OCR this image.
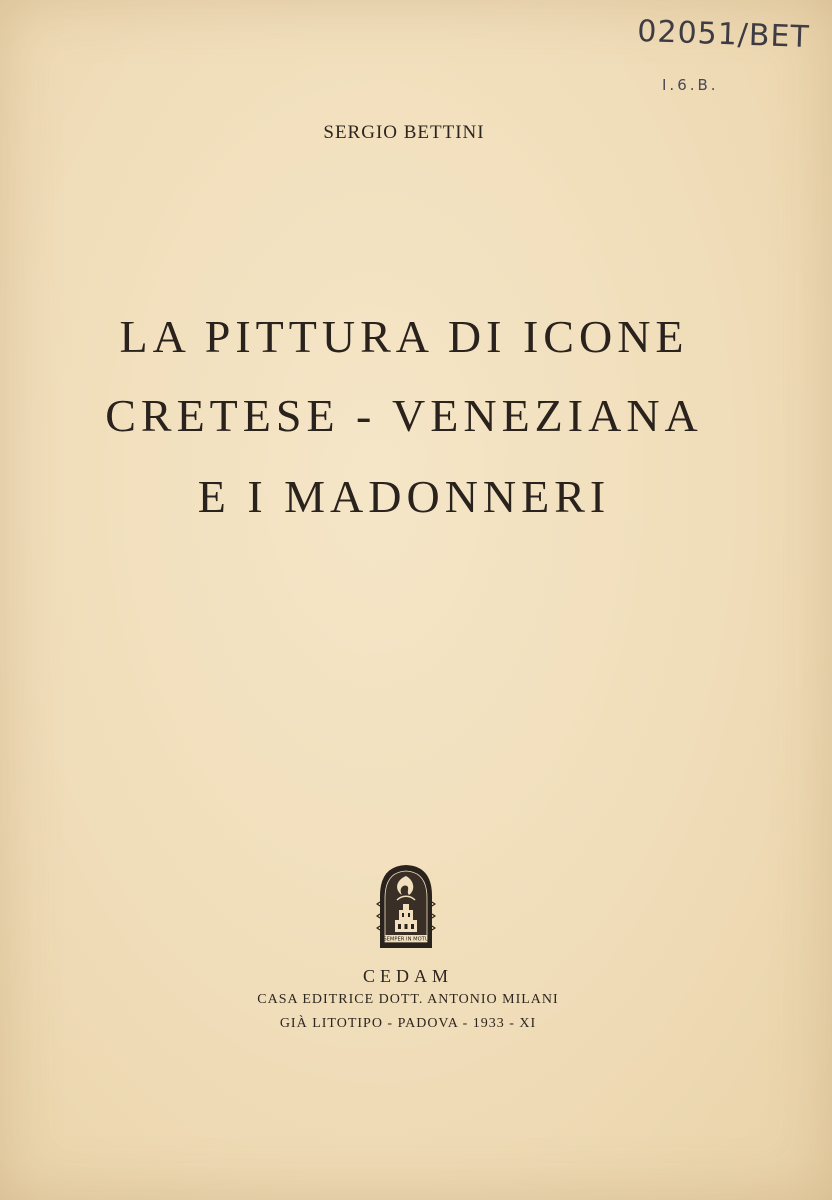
02051/BET
I.6.B.
SERGIO BETTINI
LA PITTURA DI ICONE
CRETESE - VENEZIANA
E I MADONNERI
SEMPER IN MOTU
CEDAM
CASA EDITRICE DOTT. ANTONIO MILANI
GIÀ LITOTIPO - PADOVA - 1933 - XI
